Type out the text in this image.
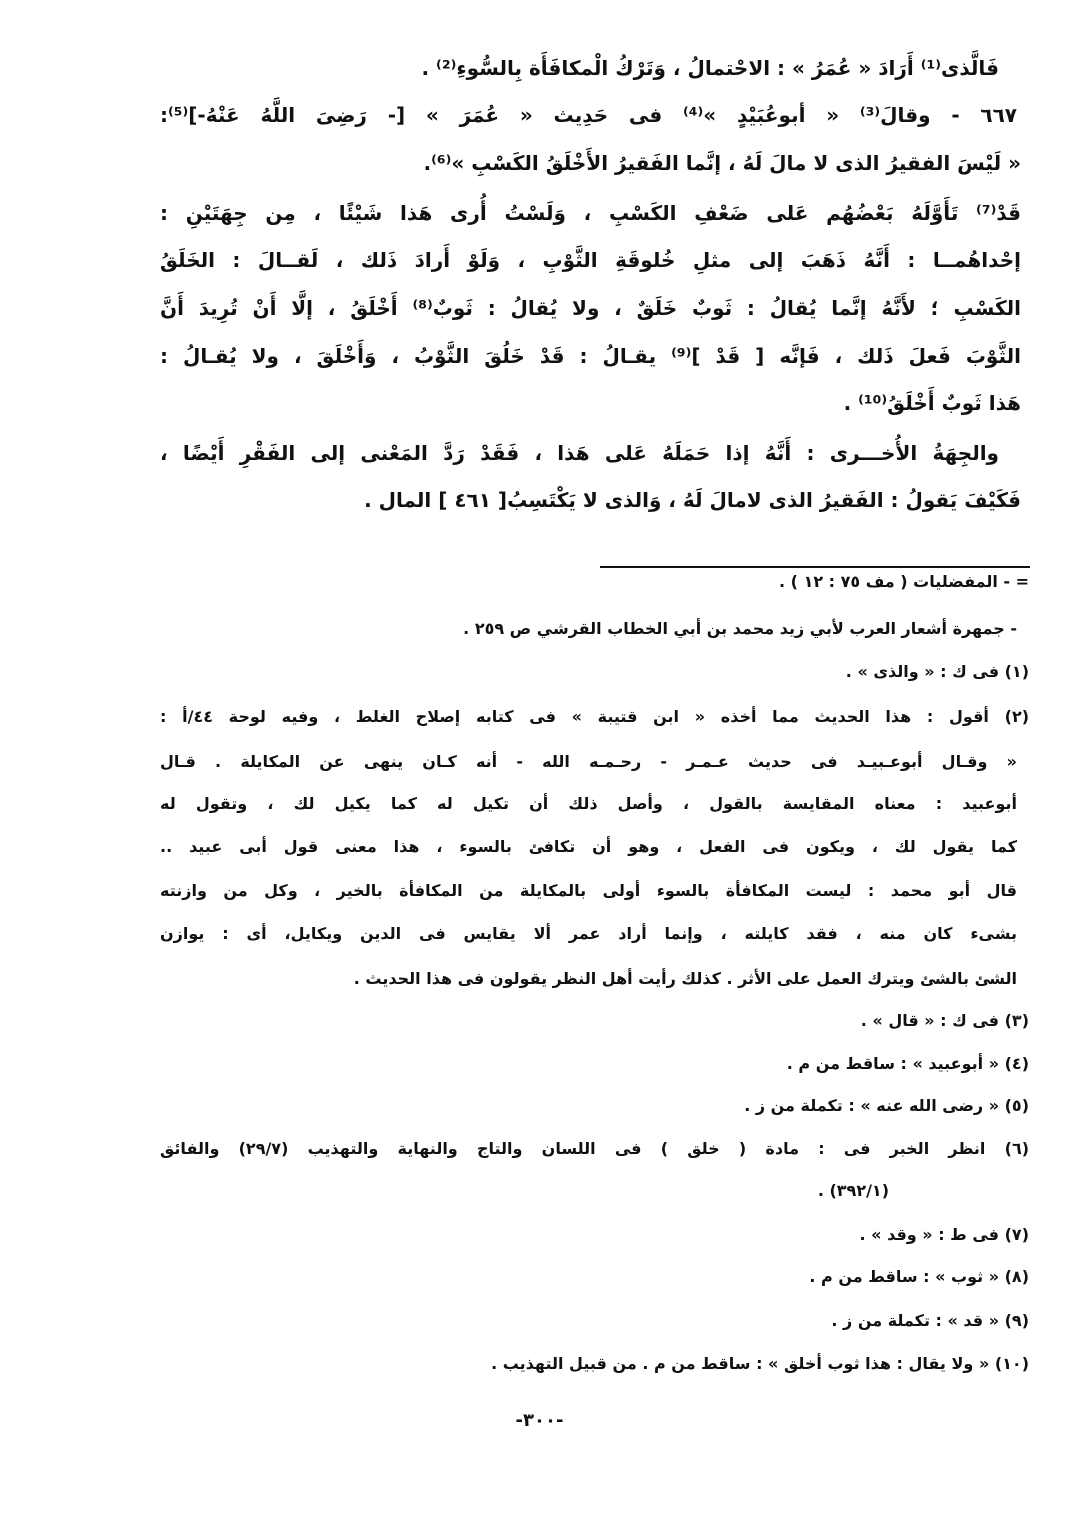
فَالَّذى⁽¹⁾ أَرَادَ « عُمَرُ » : الاحْتمالُ ، وَتَرْكُ الْمكافَأَة بِالسُّوءِ⁽²⁾ .
٦٦٧ - وقالَ⁽³⁾ « أبوعُبَيْدٍ »⁽⁴⁾ فى حَدِيث « عُمَرَ » [- رَضِىَ اللَّهُ عَنْهُ-]⁽⁵⁾:
« لَيْسَ الفقيرُ الذى لا مالَ لَهُ ، إنَّما الفَقيرُ الأَخْلَقُ الكَسْبِ »⁽⁶⁾.
قَدْ⁽⁷⁾ تَأَوَّلَهُ بَعْضُهُم عَلى ضَعْفِ الكَسْبِ ، وَلَسْتُ أُرى هَذا شَيْئًا ، مِن جِهَتَيْنِ :
إحْداهُمــا : أَنَّهُ ذَهَبَ إلى مثلِ خُلوقَةِ الثَّوْبِ ، وَلَوْ أَرادَ ذَلك ، لَقــالَ : الخَلَقُ
الكَسْبِ ؛ لأَنَّهُ إنَّما يُقالُ : ثَوبٌ خَلَقٌ ، ولا يُقالُ : ثَوبٌ⁽⁸⁾ أَخْلَقُ ، إلَّا أَنْ تُرِيدَ أَنَّ
الثَّوْبَ فَعلَ ذَلك ، فَإنَّه [ قَدْ ]⁽⁹⁾ يقـالُ : قَدْ خَلُقَ الثَّوْبُ ، وَأَخْلَقَ ، ولا يُقـالُ :
هَذا ثَوبٌ أَخْلَقُ⁽¹⁰⁾ .
والجِهَةُ الأُخـــرى : أَنَّهُ إذا حَمَلَهُ عَلى هَذا ، فَقَدْ رَدَّ المَعْنى إلى الفَقْرِ أَيْضًا ،
فَكَيْفَ يَقولُ : الفَقيرُ الذى لامالَ لَهُ ، وَالذى لا يَكْتَسِبُ[ ٤٦١ ] المال .
= - المفضليات ( مف ٧٥ : ١٢ ) .
- جمهرة أشعار العرب لأبي زيد محمد بن أبي الخطاب القرشي ص ٢٥٩ .
(١) فى ك : « والذى » .
(٢) أقول : هذا الحديث مما أخذه « ابن قتيبة » فى كتابه إصلاح الغلط ، وفيه لوحة ٤٤/أ :
« وقـال أبوعـبيـد فى حديث عـمـر - رحـمـه الله - أنه كـان ينهى عن المكايلة . قـال
أبوعبيد : معناه المقايسة بالقول ، وأصل ذلك أن تكيل له كما يكيل لك ، وتقول له
كما يقول لك ، ويكون فى الفعل ، وهو أن تكافئ بالسوء ، هذا معنى قول أبى عبيد ..
قال أبو محمد : ليست المكافأة بالسوء أولى بالمكايلة من المكافأة بالخير ، وكل من وازنته
بشىء كان منه ، فقد كايلته ، وإنما أراد عمر ألا يقايس فى الدين ويكايل، أى : يوازن
الشئ بالشئ ويترك العمل على الأثر . كذلك رأيت أهل النظر يقولون فى هذا الحديث .
(٣) فى ك : « قال » .
(٤) « أبوعبيد » : ساقط من م .
(٥) « رضى الله عنه » : تكملة من ز .
(٦) انظر الخبر فى : مادة ( خلق ) فى اللسان والتاج والنهاية والتهذيب (٢٩/٧) والفائق
(٣٩٢/١) .
(٧) فى ط : « وقد » .
(٨) « ثوب » : ساقط من م .
(٩) « قد » : تكملة من ز .
(١٠) « ولا يقال : هذا ثوب أخلق » : ساقط من م . من قبيل التهذيب .
-٣٠٠-
